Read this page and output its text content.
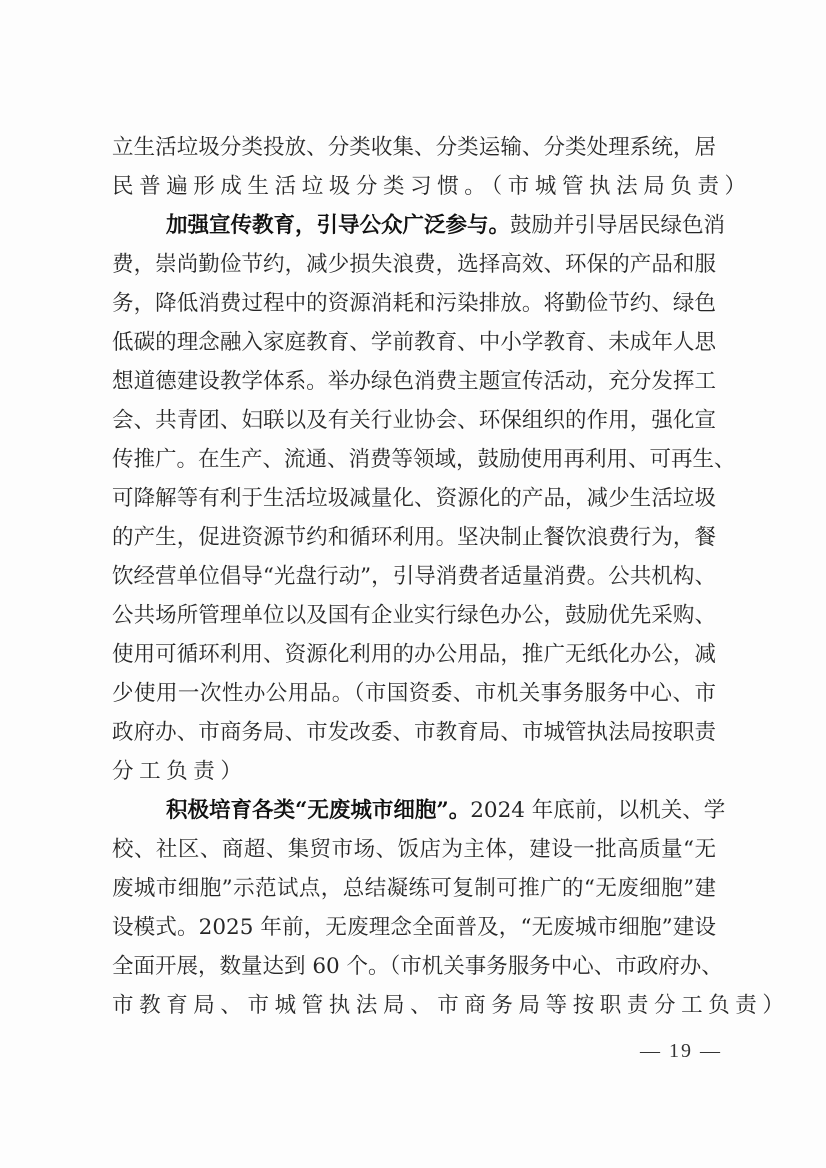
立生活垃圾分类投放、分类收集、分类运输、分类处理系统，居
民普遍形成生活垃圾分类习惯。（市城管执法局负责）
加强宣传教育，引导公众广泛参与。鼓励并引导居民绿色消
费，崇尚勤俭节约，减少损失浪费，选择高效、环保的产品和服
务，降低消费过程中的资源消耗和污染排放。将勤俭节约、绿色
低碳的理念融入家庭教育、学前教育、中小学教育、未成年人思
想道德建设教学体系。举办绿色消费主题宣传活动，充分发挥工
会、共青团、妇联以及有关行业协会、环保组织的作用，强化宣
传推广。在生产、流通、消费等领域，鼓励使用再利用、可再生、
可降解等有利于生活垃圾减量化、资源化的产品，减少生活垃圾
的产生，促进资源节约和循环利用。坚决制止餐饮浪费行为，餐
饮经营单位倡导“光盘行动”，引导消费者适量消费。公共机构、
公共场所管理单位以及国有企业实行绿色办公，鼓励优先采购、
使用可循环利用、资源化利用的办公用品，推广无纸化办公，减
少使用一次性办公用品。（市国资委、市机关事务服务中心、市
政府办、市商务局、市发改委、市教育局、市城管执法局按职责
分工负责）
积极培育各类“无废城市细胞”。2024 年底前，以机关、学
校、社区、商超、集贸市场、饭店为主体，建设一批高质量“无
废城市细胞”示范试点，总结凝练可复制可推广的“无废细胞”建
设模式。2025 年前，无废理念全面普及，“无废城市细胞”建设
全面开展，数量达到 60 个。（市机关事务服务中心、市政府办、
市教育局、市城管执法局、市商务局等按职责分工负责）
— 19 —
